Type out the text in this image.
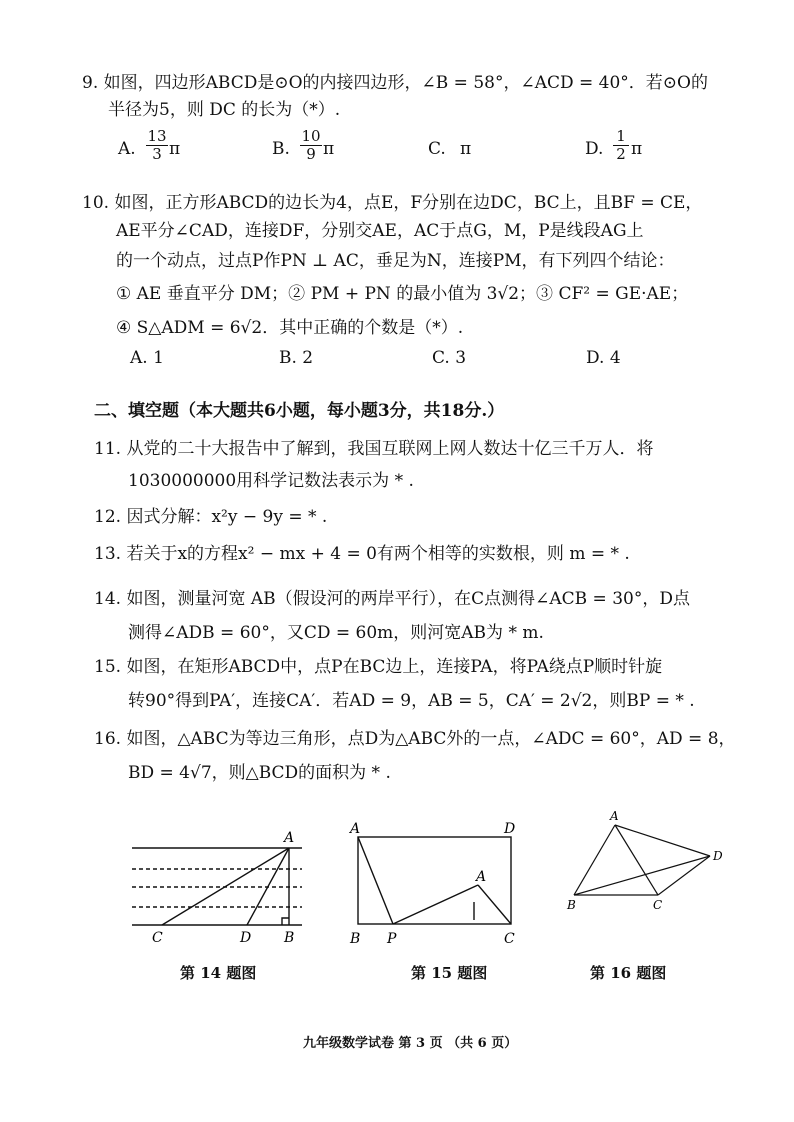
9. 如图，四边形ABCD是⊙O的内接四边形，∠B = 58°，∠ACD = 40°．若⊙O的
半径为5，则 DC 的长为（*）.
A. $\frac{13}{3}$ π	B. $\frac{10}{9}$ π	C. π	D. $\frac{1}{2}$ π
10. 如图，正方形ABCD的边长为4，点E，F分别在边DC，BC上，且BF = CE，
AE平分∠CAD，连接DF，分别交AE，AC于点G，M，P是线段AG上
的一个动点，过点P作PN ⊥ AC，垂足为N，连接PM，有下列四个结论：
① AE 垂直平分 DM；② PM + PN 的最小值为 3√2；③ CF² = GE·AE；
④ S△ADM = 6√2．其中正确的个数是（*）.
A. 1	B. 2	C. 3	D. 4
二、填空题（本大题共6小题，每小题3分，共18分.）
11. 从党的二十大报告中了解到，我国互联网上网人数达十亿三千万人．将
1030000000用科学记数法表示为 * .
12. 因式分解：x²y − 9y = * .
13. 若关于x的方程x² − mx + 4 = 0有两个相等的实数根，则 m = * .
14. 如图，测量河宽 AB（假设河的两岸平行），在C点测得∠ACB = 30°，D点
测得∠ADB = 60°，又CD = 60m，则河宽AB为 * m.
15. 如图，在矩形ABCD中，点P在BC边上，连接PA，将PA绕点P顺时针旋
转90°得到PA′，连接CA′．若AD = 9，AB = 5，CA′ = 2√2，则BP = * .
16. 如图，△ABC为等边三角形，点D为△ABC外的一点，∠ADC = 60°，AD = 8，
BD = 4√7，则△BCD的面积为 * .
A
C	D B
第 14 题图
A	D
A
B P	C
第 15 题图
A
D
B	C
第 16 题图
九年级数学试卷 第 3 页 （共 6 页）
